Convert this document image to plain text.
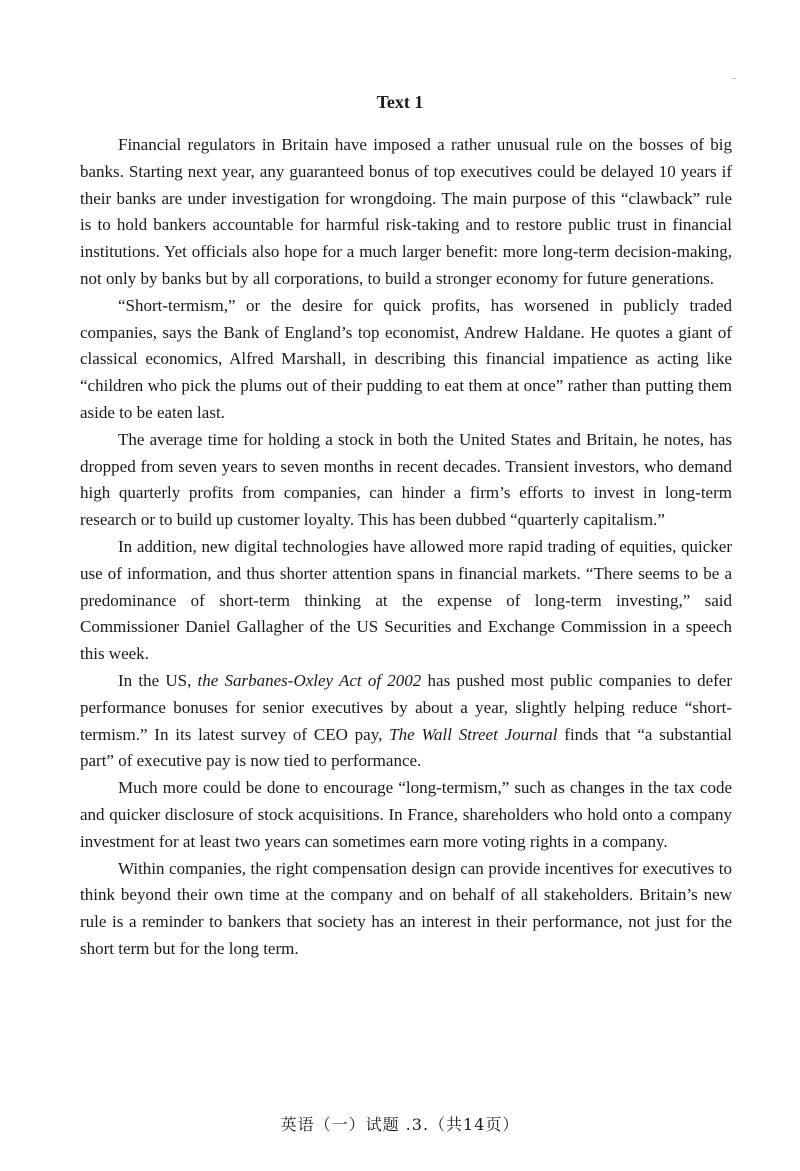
Text 1

Financial regulators in Britain have imposed a rather unusual rule on the bosses of big banks. Starting next year, any guaranteed bonus of top executives could be delayed 10 years if their banks are under investigation for wrongdoing. The main purpose of this “clawback” rule is to hold bankers accountable for harmful risk-taking and to restore public trust in financial institutions. Yet officials also hope for a much larger benefit: more long-term decision-making, not only by banks but by all corporations, to build a stronger economy for future generations.

“Short-termism,” or the desire for quick profits, has worsened in publicly traded companies, says the Bank of England’s top economist, Andrew Haldane. He quotes a giant of classical economics, Alfred Marshall, in describing this financial impatience as acting like “children who pick the plums out of their pudding to eat them at once” rather than putting them aside to be eaten last.

The average time for holding a stock in both the United States and Britain, he notes, has dropped from seven years to seven months in recent decades. Transient investors, who demand high quarterly profits from companies, can hinder a firm’s efforts to invest in long-term research or to build up customer loyalty. This has been dubbed “quarterly capitalism.”

In addition, new digital technologies have allowed more rapid trading of equities, quicker use of information, and thus shorter attention spans in financial markets. “There seems to be a predominance of short-term thinking at the expense of long-term investing,” said Commissioner Daniel Gallagher of the US Securities and Exchange Commission in a speech this week.

In the US, the Sarbanes-Oxley Act of 2002 has pushed most public companies to defer performance bonuses for senior executives by about a year, slightly helping reduce “short-termism.” In its latest survey of CEO pay, The Wall Street Journal finds that “a substantial part” of executive pay is now tied to performance.

Much more could be done to encourage “long-termism,” such as changes in the tax code and quicker disclosure of stock acquisitions. In France, shareholders who hold onto a company investment for at least two years can sometimes earn more voting rights in a company.

Within companies, the right compensation design can provide incentives for executives to think beyond their own time at the company and on behalf of all stakeholders. Britain’s new rule is a reminder to bankers that society has an interest in their performance, not just for the short term but for the long term.

英语（一）试题 .3.（共14页）
